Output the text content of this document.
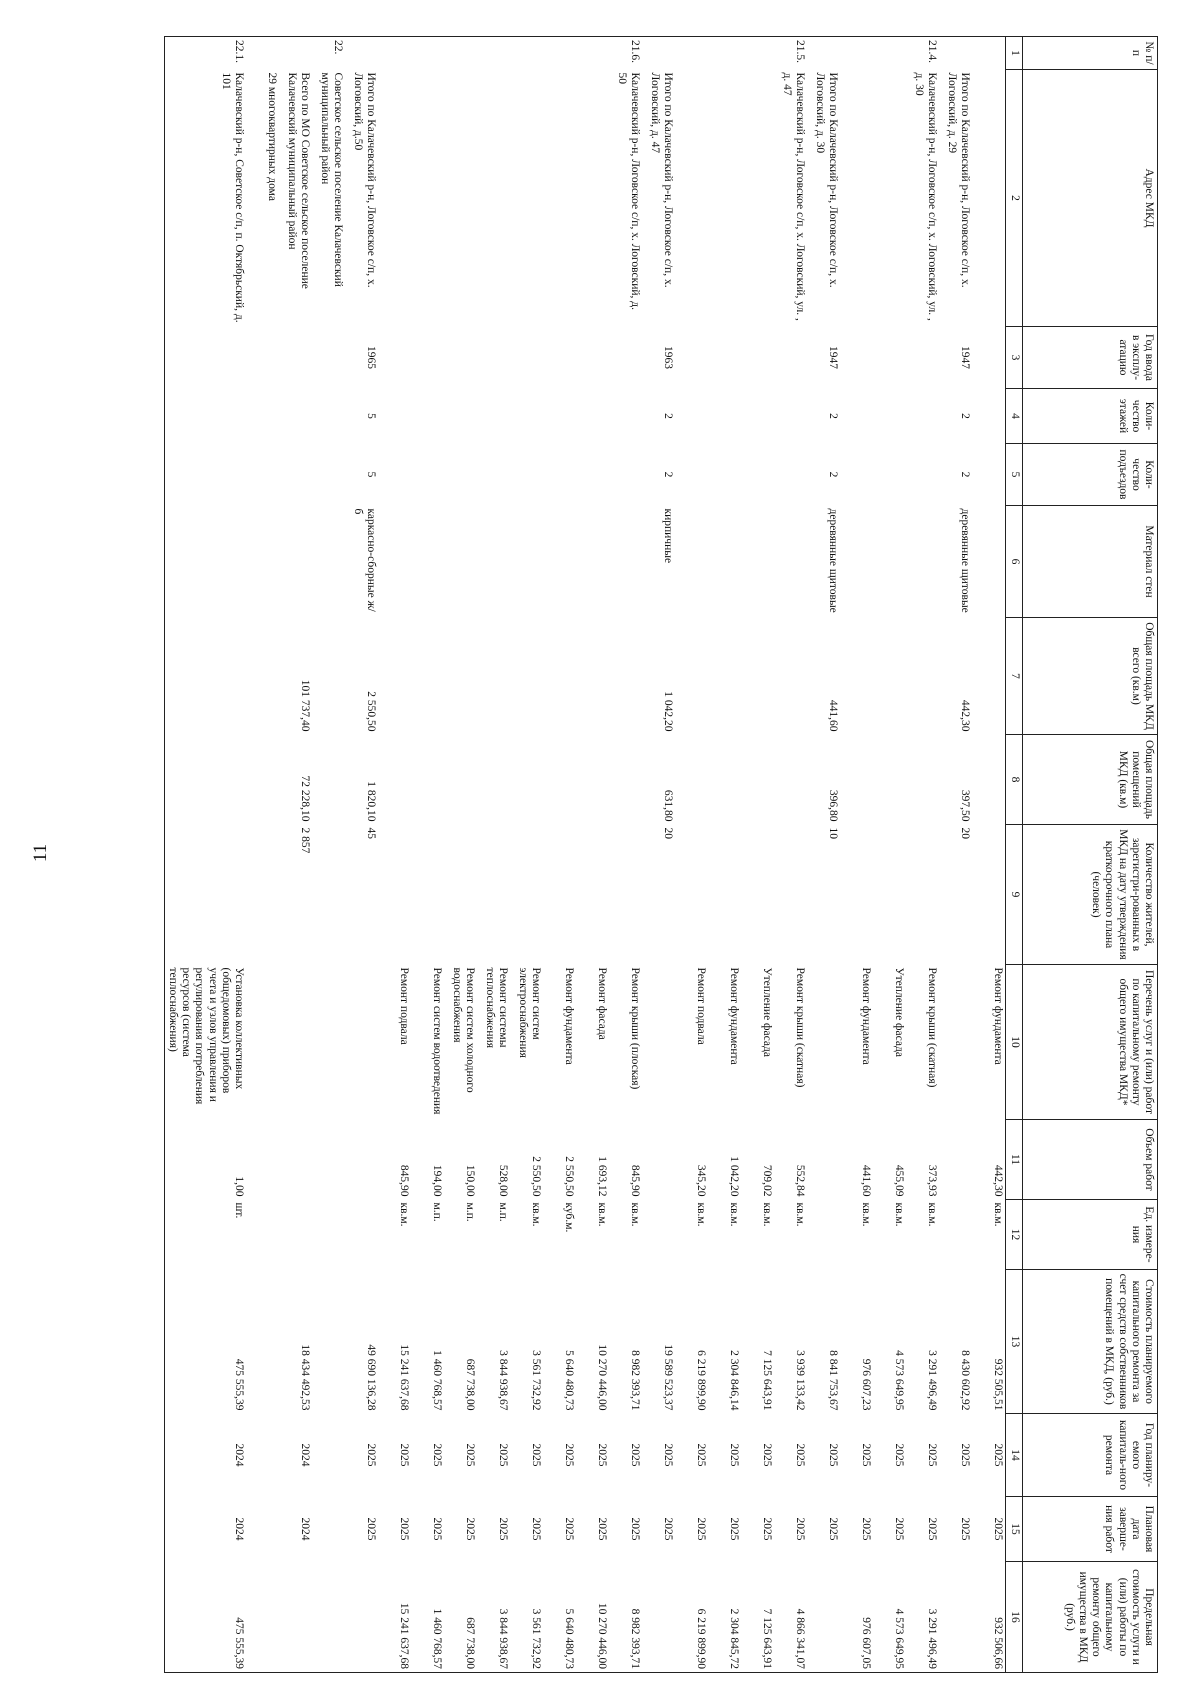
11
№ п/п	Адрес МКД	Год ввода в эксплу-атацию	Коли-чество этажей	Коли-чество подъездов	Материал стен	Общая площадь МКД всего (кв.м)	Общая площадь помещений МКД (кв.м)	Количество жителей, зарегистри-рованных в МКД на дату утверждения краткосрочного плана (человек)	Перечень услуг и (или) работ по капитальному ремонту общего имущества МКД*	Объем работ	Ед. измере-ния	Стоимость планируемого капитального ремонта за счет средств собственников помещений в МКД, (руб.)	Год планиру-емого капиталь-ного ремонта	Плановая дата заверше-ния работ	Предельная стоимость услуги и (или) работы по капитальному ремонту общего имущества в МКД (руб.)
1	2	3	4	5	6	7	8	9	10	11	12	13	14	15	16
									Ремонт фундамента	442,30	кв.м.	932 505,51	2025	2025	932 506,66
	Итого по Калачевский р-н, Логовское с/п, х. Логовский, д. 29	1947	2	2	деревянные щитовые	442,30	397,50	20				8 430 602,92	2025	2025	
21.4.	Калачевский р-н, Логовское с/п, х. Логовский, ул. , д. 30								Ремонт крыши (скатная)	373,93	кв.м.	3 291 496,49	2025	2025	3 291 496,49
									Утепление фасада	455,09	кв.м.	4 573 649,95	2025	2025	4 573 649,95
									Ремонт фундамента	441,60	кв.м.	976 607,23	2025	2025	976 607,05
	Итого по Калачевский р-н, Логовское с/п, х. Логовский, д. 30	1947	2	2	деревянные щитовые	441,60	396,80	10				8 841 753,67	2025	2025	
21.5.	Калачевский р-н, Логовское с/п, х. Логовский, ул. , д. 47								Ремонт крыши (скатная)	552,84	кв.м.	3 939 133,42	2025	2025	4 866 341,07
									Утепление фасада	709,02	кв.м.	7 125 643,91	2025	2025	7 125 643,91
									Ремонт фундамента	1 042,20	кв.м.	2 304 846,14	2025	2025	2 304 845,72
									Ремонт подвала	345,20	кв.м.	6 219 899,90	2025	2025	6 219 899,90
	Итого по Калачевский р-н, Логовское с/п, х. Логовский, д. 47	1963	2	2	кирпичные	1 042,20	631,80	20				19 589 523,37	2025	2025	
21.6.	Калачевский р-н, Логовское с/п, х. Логовский, д. 50								Ремонт крыши (плоская)	845,90	кв.м.	8 982 393,71	2025	2025	8 982 393,71
									Ремонт фасада	1 693,12	кв.м.	10 270 446,00	2025	2025	10 270 446,00
									Ремонт фундамента	2 550,50	куб.м.	5 640 480,73	2025	2025	5 640 480,73
									Ремонт систем электроснабжения	2 550,50	кв.м.	3 561 732,92	2025	2025	3 561 732,92
									Ремонт системы теплоснабжения	528,00	м.п.	3 844 938,67	2025	2025	3 844 938,67
									Ремонт систем холодного водоснабжения	150,00	м.п.	687 738,00	2025	2025	687 738,00
									Ремонт систем водоотведения	194,00	м.п.	1 460 768,57	2025	2025	1 460 768,57
									Ремонт подвала	845,90	кв.м.	15 241 637,68	2025	2025	15 241 637,68
	Итого по Калачевский р-н, Логовское с/п, х. Логовский, д.50	1965	5	5	каркасно-сборные ж/б	2 550,50	1 820,10	45				49 690 136,28	2025	2025	
22.	Советское сельское поселение Калачевский муниципальный район														
	Всего по МО Советское сельское поселение Калачевский муниципальный район					101 737,40	72 228,10	2 857				18 434 492,53	2024	2024	
	29 многоквартирных дома														
22.1.	Калачевский р-н, Советское с/п, п. Октябрьский, д. 101								Установка коллективных (общедомовых) приборов учета и узлов управления и регулирования потребления ресурсов (система теплоснабжения)	1,00	шт.	475 555,39	2024	2024	475 555,39
